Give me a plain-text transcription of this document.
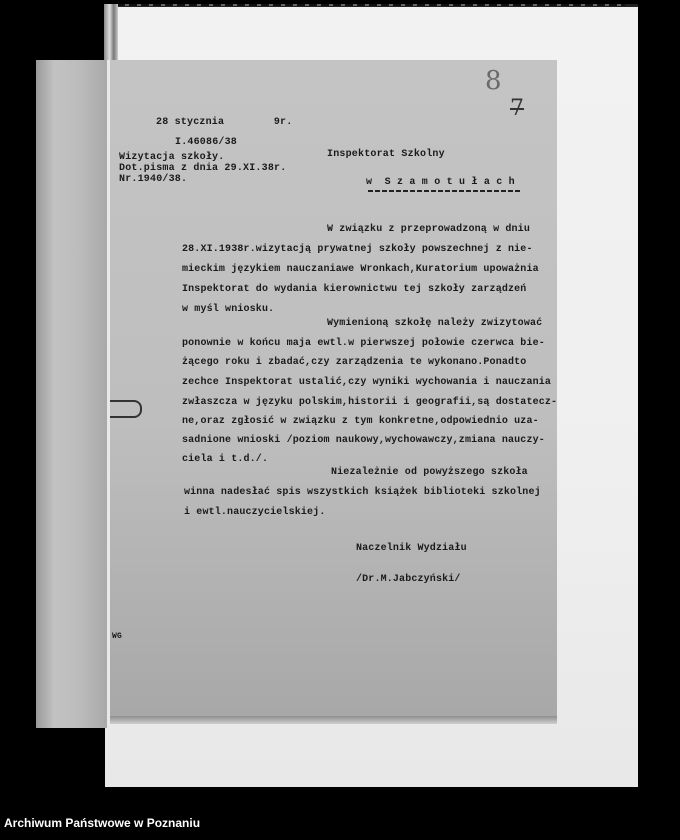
8
7
28 stycznia        9r.
I.46086/38
Wizytacja szkoły.
Dot.pisma z dnia 29.XI.38r.
Nr.1940/38.
Inspektorat Szkolny
w  S z a m o t u ł a c h
W związku z przeprowadzoną w dniu
28.XI.1938r.wizytacją prywatnej szkoły powszechnej z nie-
mieckim językiem nauczaniawe Wronkach,Kuratorium upoważnia
Inspektorat do wydania kierownictwu tej szkoły zarządzeń
w myśl wniosku.
Wymienioną szkołę należy zwizytować
ponownie w końcu maja ewtl.w pierwszej połowie czerwca bie-
żącego roku i zbadać,czy zarządzenia te wykonano.Ponadto
zechce Inspektorat ustalić,czy wyniki wychowania i nauczania
zwłaszcza w języku polskim,historii i geografii,są dostatecz-
ne,oraz zgłosić w związku z tym konkretne,odpowiednio uza-
sadnione wnioski /poziom naukowy,wychowawczy,zmiana nauczy-
ciela i t.d./.
Niezależnie od powyższego szkoła
winna nadesłać spis wszystkich książek biblioteki szkolnej
i ewtl.nauczycielskiej.
Naczelnik Wydziału
/Dr.M.Jabczyński/
WG
Archiwum Państwowe w Poznaniu
